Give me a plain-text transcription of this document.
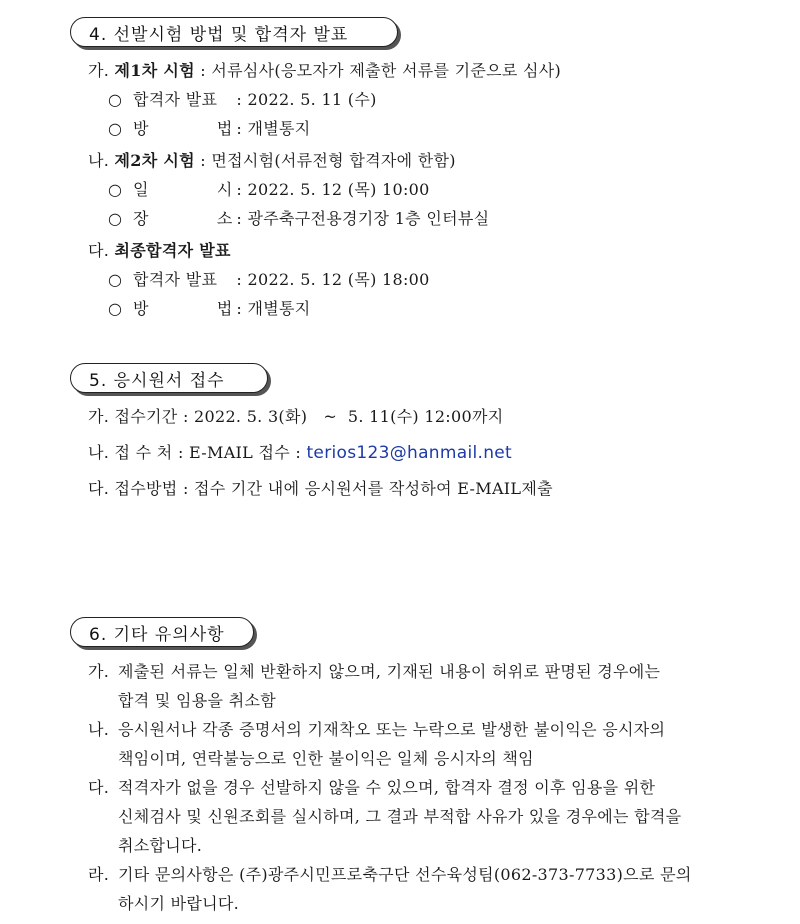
4. 선발시험 방법 및 합격자 발표
가. 제1차 시험 : 서류심사(응모자가 제출한 서류를 기준으로 심사)
○ 합격자 발표 : 2022. 5. 11 (수)
○ 방	법 : 개별통지
나. 제2차 시험 : 면접시험(서류전형 합격자에 한함)
○ 일	시 : 2022. 5. 12 (목) 10:00
○ 장	소 : 광주축구전용경기장 1층 인터뷰실
다. 최종합격자 발표
○ 합격자 발표 : 2022. 5. 12 (목) 18:00
○ 방	법 : 개별통지
5. 응시원서 접수
가. 접수기간 : 2022. 5. 3(화)   ~  5. 11(수) 12:00까지
나. 접 수 처 : E-MAIL 접수 : terios123@hanmail.net
다. 접수방법 : 접수 기간 내에 응시원서를 작성하여 E-MAIL제출
6. 기타 유의사항
가. 제출된 서류는 일체 반환하지 않으며, 기재된 내용이 허위로 판명된 경우에는
합격 및 임용을 취소함
나. 응시원서나 각종 증명서의 기재착오 또는 누락으로 발생한 불이익은 응시자의
책임이며, 연락불능으로 인한 불이익은 일체 응시자의 책임
다. 적격자가 없을 경우 선발하지 않을 수 있으며, 합격자 결정 이후 임용을 위한
신체검사 및 신원조회를 실시하며, 그 결과 부적합 사유가 있을 경우에는 합격을
취소합니다.
라. 기타 문의사항은 (주)광주시민프로축구단 선수육성팀(062-373-7733)으로 문의
하시기 바랍니다.
